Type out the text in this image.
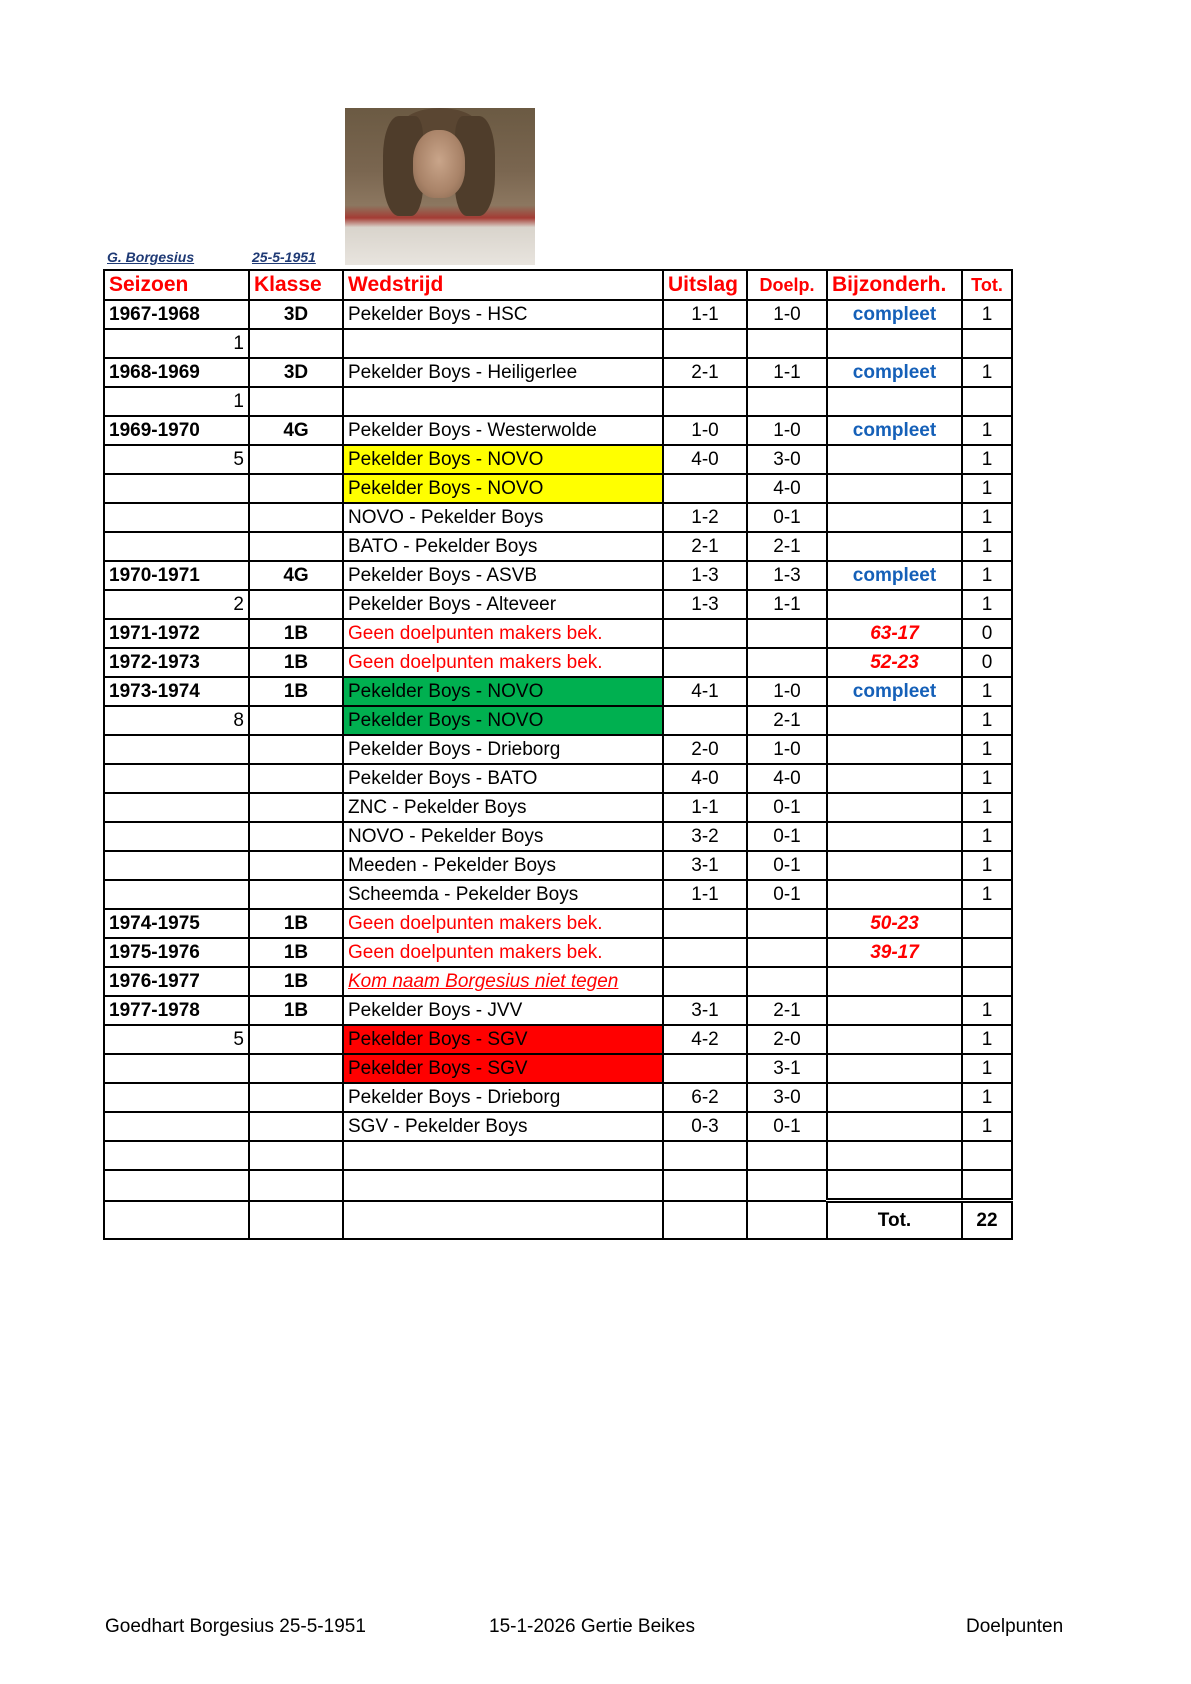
G. Borgesius	25-5-1951
Seizoen	Klasse	Wedstrijd	Uitslag	Doelp.	Bijzonderh.	Tot.
1967-1968	3D	Pekelder Boys - HSC	1-1	1-0	compleet	1
1						
1968-1969	3D	Pekelder Boys - Heiligerlee	2-1	1-1	compleet	1
1						
1969-1970	4G	Pekelder Boys - Westerwolde	1-0	1-0	compleet	1
5		Pekelder Boys - NOVO	4-0	3-0		1
		Pekelder Boys - NOVO		4-0		1
		NOVO - Pekelder Boys	1-2	0-1		1
		BATO - Pekelder Boys	2-1	2-1		1
1970-1971	4G	Pekelder Boys - ASVB	1-3	1-3	compleet	1
2		Pekelder Boys - Alteveer	1-3	1-1		1
1971-1972	1B	Geen doelpunten makers bek.			63-17	0
1972-1973	1B	Geen doelpunten makers bek.			52-23	0
1973-1974	1B	Pekelder Boys - NOVO	4-1	1-0	compleet	1
8		Pekelder Boys - NOVO		2-1		1
		Pekelder Boys - Drieborg	2-0	1-0		1
		Pekelder Boys - BATO	4-0	4-0		1
		ZNC - Pekelder Boys	1-1	0-1		1
		NOVO - Pekelder Boys	3-2	0-1		1
		Meeden - Pekelder Boys	3-1	0-1		1
		Scheemda - Pekelder Boys	1-1	0-1		1
1974-1975	1B	Geen doelpunten makers bek.			50-23	
1975-1976	1B	Geen doelpunten makers bek.			39-17	
1976-1977	1B	Kom naam Borgesius niet tegen				
1977-1978	1B	Pekelder Boys - JVV	3-1	2-1		1
5		Pekelder Boys - SGV	4-2	2-0		1
		Pekelder Boys - SGV		3-1		1
		Pekelder Boys - Drieborg	6-2	3-0		1
		SGV - Pekelder Boys	0-3	0-1		1

					Tot.	22
Goedhart Borgesius 25-5-1951	15-1-2026 Gertie Beikes	Doelpunten
